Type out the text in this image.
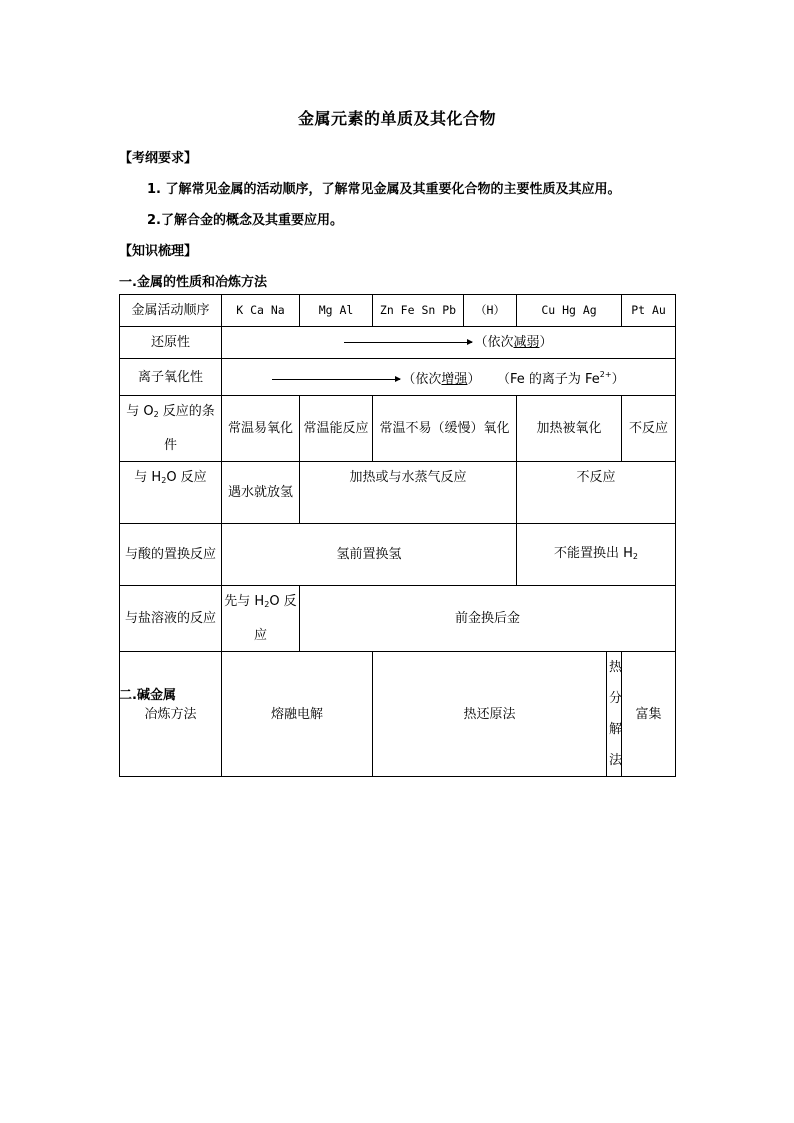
金属元素的单质及其化合物
【考纲要求】
1. 了解常见金属的活动顺序，了解常见金属及其重要化合物的主要性质及其应用。
2.了解合金的概念及其重要应用。
【知识梳理】
一.金属的性质和冶炼方法
金属活动顺序	K Ca Na	Mg Al	Zn Fe Sn Pb	（H）	Cu Hg Ag		Pt Au
还原性	（依次减弱）						
离子氧化性	（依次增强） （Fe 的离子为 $Fe^{2+}$）						
与 $O_2$ 反应的条件	常温易氧化	常温能反应	常温不易（缓慢）氧化		加热被氧化		不反应
与 $H_2O$ 反应	遇水就放氢	加热或与水蒸气反应			不反应		
与酸的置换反应	氢前置换氢				不能置换出 $H_2$
与盐溶液的反应	先与 $H_2O$ 反应	前金换后金					
冶炼方法	熔融电解		热还原法			热分解法	富集
二.碱金属
